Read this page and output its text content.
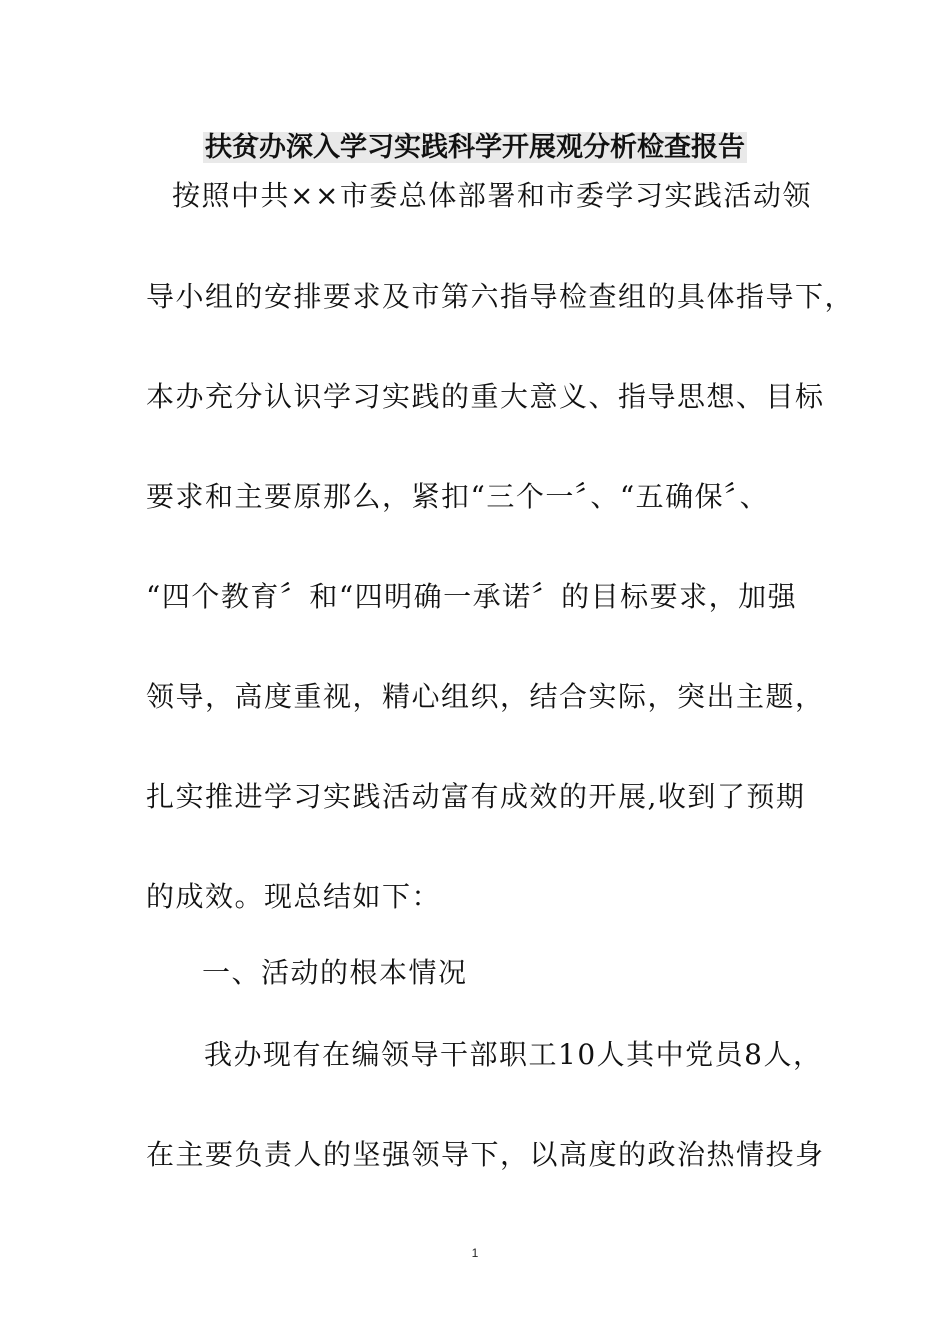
扶贫办深入学习实践科学开展观分析检查报告
按照中共××市委总体部署和市委学习实践活动领
导小组的安排要求及市第六指导检查组的具体指导下，
本办充分认识学习实践的重大意义、指导思想、目标
要求和主要原那么，紧扣“三个一〞、“五确保〞、
“四个教育〞和“四明确一承诺〞的目标要求，加强
领导，高度重视，精心组织，结合实际，突出主题，
扎实推进学习实践活动富有成效的开展,收到了预期
的成效。现总结如下：
一、活动的根本情况
我办现有在编领导干部职工10人其中党员8人，
在主要负责人的坚强领导下，以高度的政治热情投身
1
